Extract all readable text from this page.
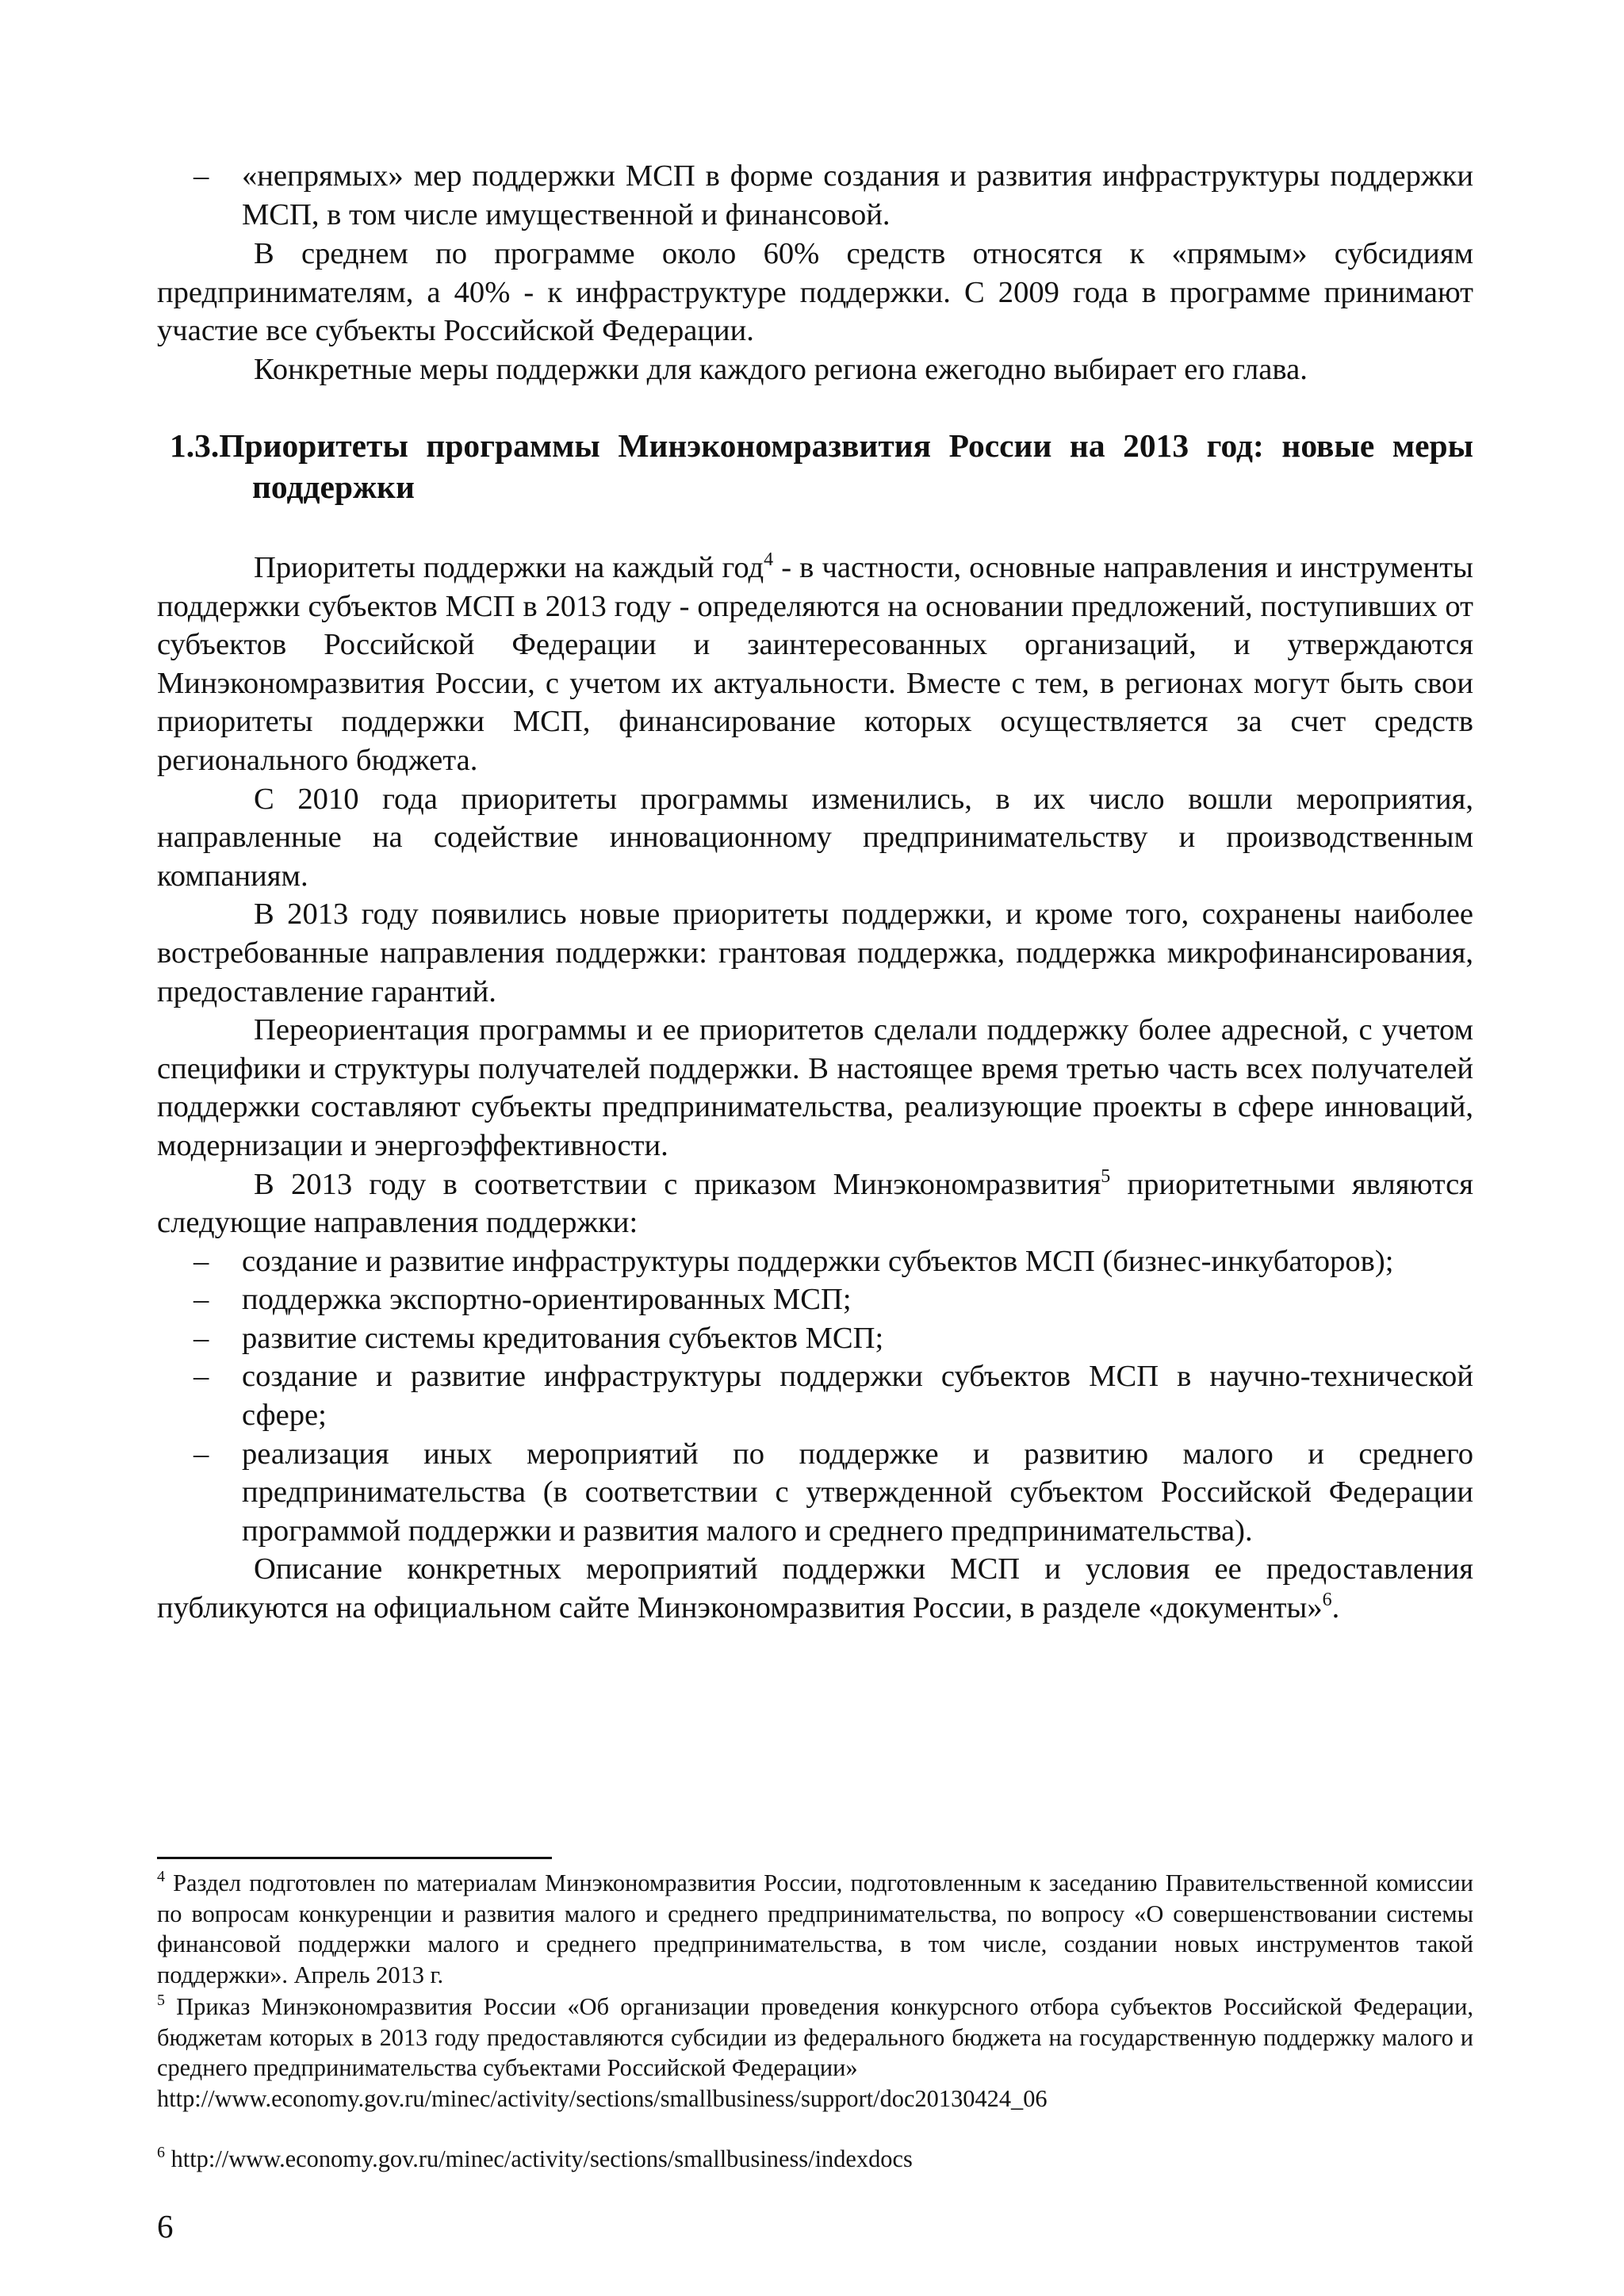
– «непрямых» мер поддержки МСП в форме создания и развития инфраструктуры поддержки МСП, в том числе имущественной и финансовой.

В среднем по программе около 60% средств относятся к «прямым» субсидиям предпринимателям, а 40% - к инфраструктуре поддержки. С 2009 года в программе принимают участие все субъекты Российской Федерации.

Конкретные меры поддержки для каждого региона ежегодно выбирает его глава.

1.3.Приоритеты программы Минэкономразвития России на 2013 год: новые меры поддержки

Приоритеты поддержки на каждый год$^4$ - в частности, основные направления и инструменты поддержки субъектов МСП в 2013 году - определяются на основании предложений, поступивших от субъектов Российской Федерации и заинтересованных организаций, и утверждаются Минэкономразвития России, с учетом их актуальности. Вместе с тем, в регионах могут быть свои приоритеты поддержки МСП, финансирование которых осуществляется за счет средств регионального бюджета.

С 2010 года приоритеты программы изменились, в их число вошли мероприятия, направленные на содействие инновационному предпринимательству и производственным компаниям.

В 2013 году появились новые приоритеты поддержки, и кроме того, сохранены наиболее востребованные направления поддержки: грантовая поддержка, поддержка микрофинансирования, предоставление гарантий.

Переориентация программы и ее приоритетов сделали поддержку более адресной, с учетом специфики и структуры получателей поддержки. В настоящее время третью часть всех получателей поддержки составляют субъекты предпринимательства, реализующие проекты в сфере инноваций, модернизации и энергоэффективности.

В 2013 году в соответствии с приказом Минэкономразвития$^5$ приоритетными являются следующие направления поддержки:

– создание и развитие инфраструктуры поддержки субъектов МСП (бизнес-инкубаторов);
– поддержка экспортно-ориентированных МСП;
– развитие системы кредитования субъектов МСП;
– создание и развитие инфраструктуры поддержки субъектов МСП в научно-технической сфере;
– реализация иных мероприятий по поддержке и развитию малого и среднего предпринимательства (в соответствии с утвержденной субъектом Российской Федерации программой поддержки и развития малого и среднего предпринимательства).

Описание конкретных мероприятий поддержки МСП и условия ее предоставления публикуются на официальном сайте Минэкономразвития России, в разделе «документы»$^6$.

$^4$ Раздел подготовлен по материалам Минэкономразвития России, подготовленным к заседанию Правительственной комиссии по вопросам конкуренции и развития малого и среднего предпринимательства, по вопросу «О совершенствовании системы финансовой поддержки малого и среднего предпринимательства, в том числе, создании новых инструментов такой поддержки». Апрель 2013 г.

$^5$ Приказ Минэкономразвития России «Об организации проведения конкурсного отбора субъектов Российской Федерации, бюджетам которых в 2013 году предоставляются субсидии из федерального бюджета на государственную поддержку малого и среднего предпринимательства субъектами Российской Федерации»
http://www.economy.gov.ru/minec/activity/sections/smallbusiness/support/doc20130424_06

$^6$ http://www.economy.gov.ru/minec/activity/sections/smallbusiness/indexdocs

6
